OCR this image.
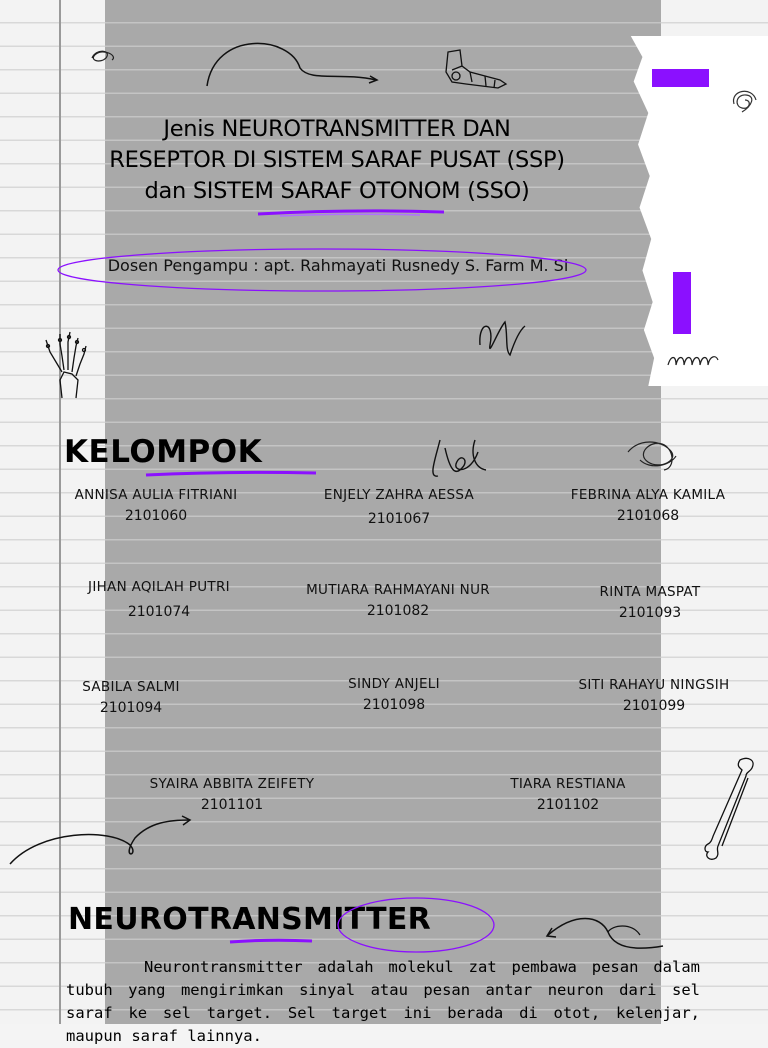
Jenis NEUROTRANSMITTER DAN
RESEPTOR DI SISTEM SARAF PUSAT (SSP)
dan SISTEM SARAF OTONOM (SSO)
Dosen Pengampu : apt. Rahmayati Rusnedy S. Farm M. Si
KELOMPOK
ANNISA AULIA FITRIANI
2101060
ENJELY ZAHRA AESSA
2101067
FEBRINA ALYA KAMILA
2101068
JIHAN AQILAH PUTRI
2101074
MUTIARA RAHMAYANI NUR
2101082
RINTA MASPAT
2101093
SABILA SALMI
2101094
SINDY ANJELI
2101098
SITI RAHAYU NINGSIH
2101099
SYAIRA ABBITA ZEIFETY
2101101
TIARA RESTIANA
2101102
NEUROTRANSMITTER
Neurontransmitter adalah molekul zat pembawa pesan dalam tubuh yang mengirimkan sinyal atau pesan antar neuron dari sel saraf ke sel target. Sel target ini berada di otot, kelenjar, maupun saraf lainnya.
